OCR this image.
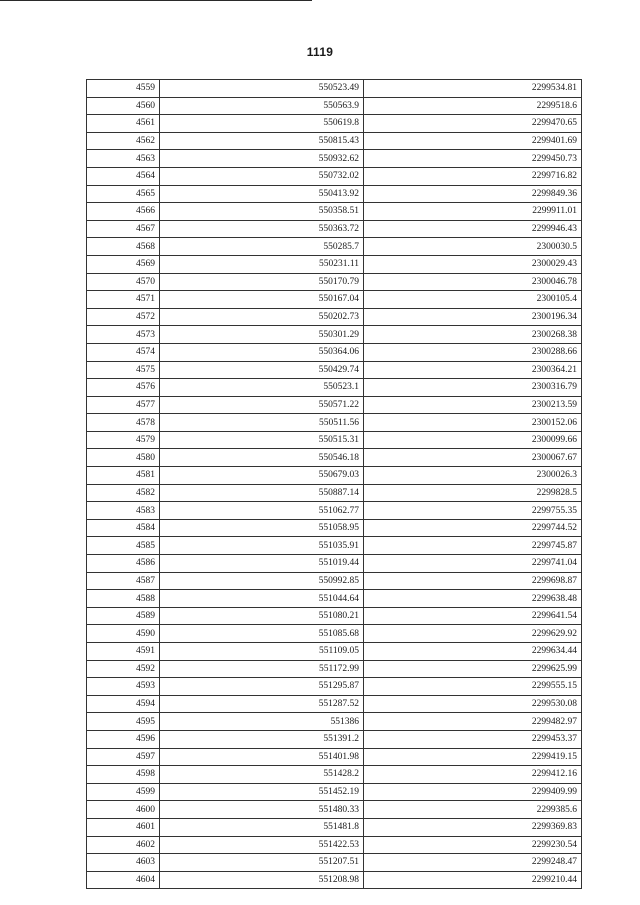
1119
4559	550523.49	2299534.81
4560	550563.9	2299518.6
4561	550619.8	2299470.65
4562	550815.43	2299401.69
4563	550932.62	2299450.73
4564	550732.02	2299716.82
4565	550413.92	2299849.36
4566	550358.51	2299911.01
4567	550363.72	2299946.43
4568	550285.7	2300030.5
4569	550231.11	2300029.43
4570	550170.79	2300046.78
4571	550167.04	2300105.4
4572	550202.73	2300196.34
4573	550301.29	2300268.38
4574	550364.06	2300288.66
4575	550429.74	2300364.21
4576	550523.1	2300316.79
4577	550571.22	2300213.59
4578	550511.56	2300152.06
4579	550515.31	2300099.66
4580	550546.18	2300067.67
4581	550679.03	2300026.3
4582	550887.14	2299828.5
4583	551062.77	2299755.35
4584	551058.95	2299744.52
4585	551035.91	2299745.87
4586	551019.44	2299741.04
4587	550992.85	2299698.87
4588	551044.64	2299638.48
4589	551080.21	2299641.54
4590	551085.68	2299629.92
4591	551109.05	2299634.44
4592	551172.99	2299625.99
4593	551295.87	2299555.15
4594	551287.52	2299530.08
4595	551386	2299482.97
4596	551391.2	2299453.37
4597	551401.98	2299419.15
4598	551428.2	2299412.16
4599	551452.19	2299409.99
4600	551480.33	2299385.6
4601	551481.8	2299369.83
4602	551422.53	2299230.54
4603	551207.51	2299248.47
4604	551208.98	2299210.44
